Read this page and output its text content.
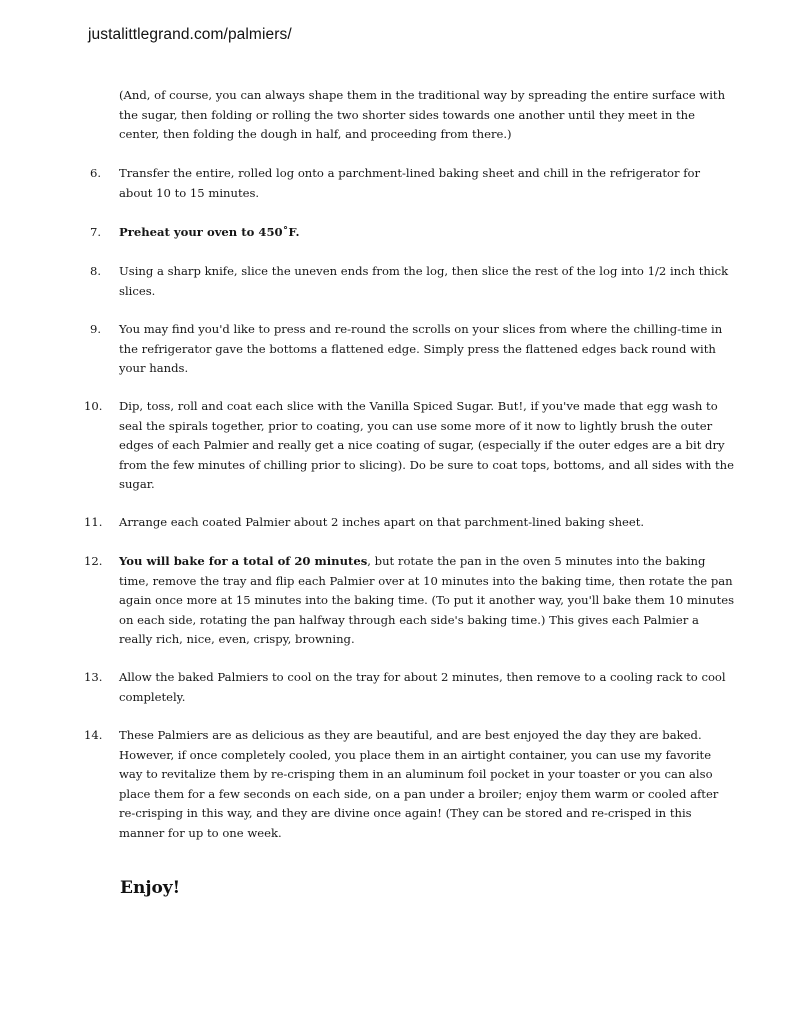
justalittlegrand.com/palmiers/

(And, of course, you can always shape them in the traditional way by spreading the entire surface with the sugar, then folding or rolling the two shorter sides towards one another until they meet in the center, then folding the dough in half, and proceeding from there.)

6.	Transfer the entire, rolled log onto a parchment-lined baking sheet and chill in the refrigerator for about 10 to 15 minutes.
7.	Preheat your oven to 450˚F.
8.	Using a sharp knife, slice the uneven ends from the log, then slice the rest of the log into 1/2 inch thick slices.
9.	You may find you'd like to press and re-round the scrolls on your slices from where the chilling-time in the refrigerator gave the bottoms a flattened edge. Simply press the flattened edges back round with your hands.
10.	Dip, toss, roll and coat each slice with the Vanilla Spiced Sugar. But!, if you've made that egg wash to seal the spirals together, prior to coating, you can use some more of it now to lightly brush the outer edges of each Palmier and really get a nice coating of sugar, (especially if the outer edges are a bit dry from the few minutes of chilling prior to slicing). Do be sure to coat tops, bottoms, and all sides with the sugar.
11.	Arrange each coated Palmier about 2 inches apart on that parchment-lined baking sheet.
12.	You will bake for a total of 20 minutes, but rotate the pan in the oven 5 minutes into the baking time, remove the tray and flip each Palmier over at 10 minutes into the baking time, then rotate the pan again once more at 15 minutes into the baking time. (To put it another way, you'll bake them 10 minutes on each side, rotating the pan halfway through each side's baking time.) This gives each Palmier a really rich, nice, even, crispy, browning.
13.	Allow the baked Palmiers to cool on the tray for about 2 minutes, then remove to a cooling rack to cool completely.
14.	These Palmiers are as delicious as they are beautiful, and are best enjoyed the day they are baked. However, if once completely cooled, you place them in an airtight container, you can use my favorite way to revitalize them by re-crisping them in an aluminum foil pocket in your toaster or you can also place them for a few seconds on each side, on a pan under a broiler; enjoy them warm or cooled after re-crisping in this way, and they are divine once again! (They can be stored and re-crisped in this manner for up to one week.
Enjoy!
